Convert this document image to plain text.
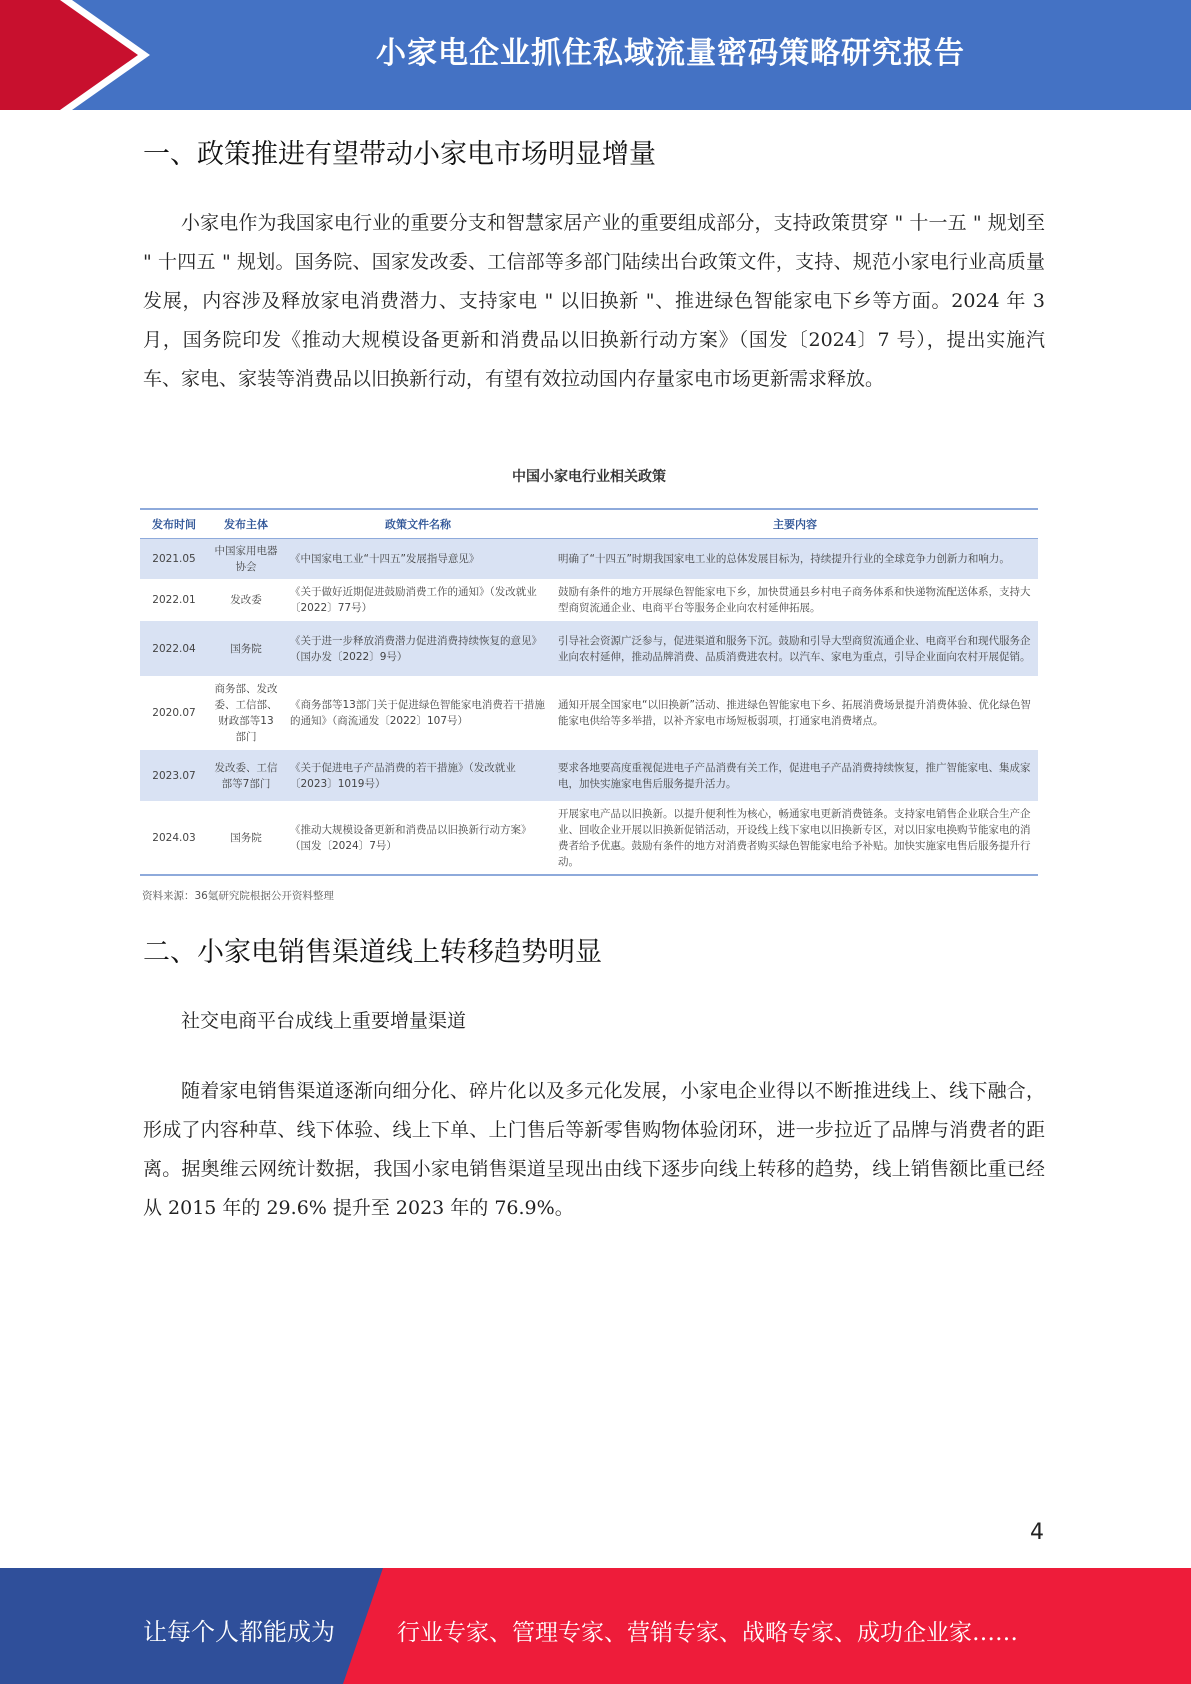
小家电企业抓住私域流量密码策略研究报告
一、政策推进有望带动小家电市场明显增量

小家电作为我国家电行业的重要分支和智慧家居产业的重要组成部分，支持政策贯穿 " 十一五 " 规划至 " 十四五 " 规划。国务院、国家发改委、工信部等多部门陆续出台政策文件，支持、规范小家电行业高质量发展，内容涉及释放家电消费潜力、支持家电 " 以旧换新 "、推进绿色智能家电下乡等方面。2024 年 3 月，国务院印发《推动大规模设备更新和消费品以旧换新行动方案》（国发〔2024〕7 号），提出实施汽车、家电、家装等消费品以旧换新行动，有望有效拉动国内存量家电市场更新需求释放。

中国小家电行业相关政策
发布时间	发布主体	政策文件名称	主要内容
2021.05	中国家用电器协会	《中国家电工业“十四五”发展指导意见》	明确了“十四五”时期我国家电工业的总体发展目标为，持续提升行业的全球竞争力创新力和响力。
2022.01	发改委	《关于做好近期促进鼓励消费工作的通知》（发改就业〔2022〕77号）	鼓励有条件的地方开展绿色智能家电下乡，加快贯通县乡村电子商务体系和快递物流配送体系，支持大型商贸流通企业、电商平台等服务企业向农村延伸拓展。
2022.04	国务院	《关于进一步释放消费潜力促进消费持续恢复的意见》（国办发〔2022〕9号）	引导社会资源广泛参与，促进渠道和服务下沉。鼓励和引导大型商贸流通企业、电商平台和现代服务企业向农村延伸，推动品牌消费、品质消费进农村。以汽车、家电为重点，引导企业面向农村开展促销。
2020.07	商务部、发改委、工信部、财政部等13部门	《商务部等13部门关于促进绿色智能家电消费若干措施的通知》（商流通发〔2022〕107号）	通知开展全国家电“以旧换新”活动、推进绿色智能家电下乡、拓展消费场景提升消费体验、优化绿色智能家电供给等多举措，以补齐家电市场短板弱项，打通家电消费堵点。
2023.07	发改委、工信部等7部门	《关于促进电子产品消费的若干措施》（发改就业〔2023〕1019号）	要求各地要高度重视促进电子产品消费有关工作，促进电子产品消费持续恢复，推广智能家电、集成家电，加快实施家电售后服务提升活力。
2024.03	国务院	《推动大规模设备更新和消费品以旧换新行动方案》（国发〔2024〕7号）	开展家电产品以旧换新。以提升便利性为核心，畅通家电更新消费链条。支持家电销售企业联合生产企业、回收企业开展以旧换新促销活动，开设线上线下家电以旧换新专区，对以旧家电换购节能家电的消费者给予优惠。鼓励有条件的地方对消费者购买绿色智能家电给予补贴。加快实施家电售后服务提升行动。
资料来源：36氪研究院根据公开资料整理
二、小家电销售渠道线上转移趋势明显

社交电商平台成线上重要增量渠道

随着家电销售渠道逐渐向细分化、碎片化以及多元化发展，小家电企业得以不断推进线上、线下融合，形成了内容种草、线下体验、线上下单、上门售后等新零售购物体验闭环，进一步拉近了品牌与消费者的距离。据奥维云网统计数据，我国小家电销售渠道呈现出由线下逐步向线上转移的趋势，线上销售额比重已经从 2015 年的 29.6% 提升至 2023 年的 76.9%。

4
让每个人都能成为	行业专家、管理专家、营销专家、战略专家、成功企业家……
